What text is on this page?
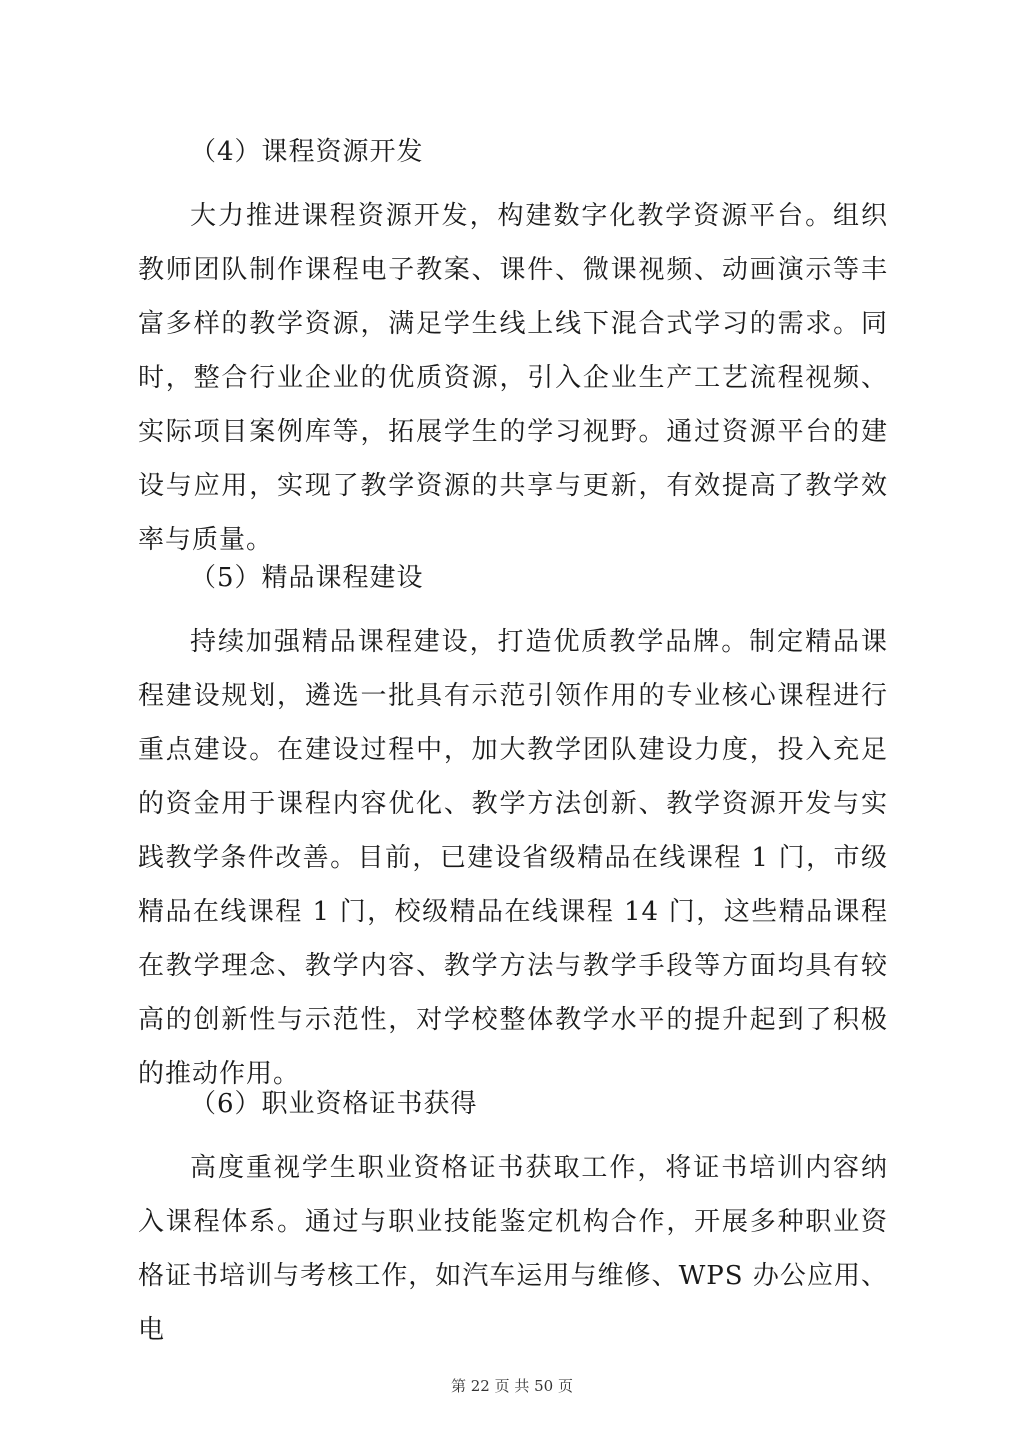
（4）课程资源开发

大力推进课程资源开发，构建数字化教学资源平台。组织教师团队制作课程电子教案、课件、微课视频、动画演示等丰富多样的教学资源，满足学生线上线下混合式学习的需求。同时，整合行业企业的优质资源，引入企业生产工艺流程视频、实际项目案例库等，拓展学生的学习视野。通过资源平台的建设与应用，实现了教学资源的共享与更新，有效提高了教学效率与质量。

（5）精品课程建设

持续加强精品课程建设，打造优质教学品牌。制定精品课程建设规划，遴选一批具有示范引领作用的专业核心课程进行重点建设。在建设过程中，加大教学团队建设力度，投入充足的资金用于课程内容优化、教学方法创新、教学资源开发与实践教学条件改善。目前，已建设省级精品在线课程 1 门，市级精品在线课程 1 门，校级精品在线课程 14 门，这些精品课程在教学理念、教学内容、教学方法与教学手段等方面均具有较高的创新性与示范性，对学校整体教学水平的提升起到了积极的推动作用。

（6）职业资格证书获得

高度重视学生职业资格证书获取工作，将证书培训内容纳入课程体系。通过与职业技能鉴定机构合作，开展多种职业资格证书培训与考核工作，如汽车运用与维修、WPS 办公应用、电

第 22 页 共 50 页
